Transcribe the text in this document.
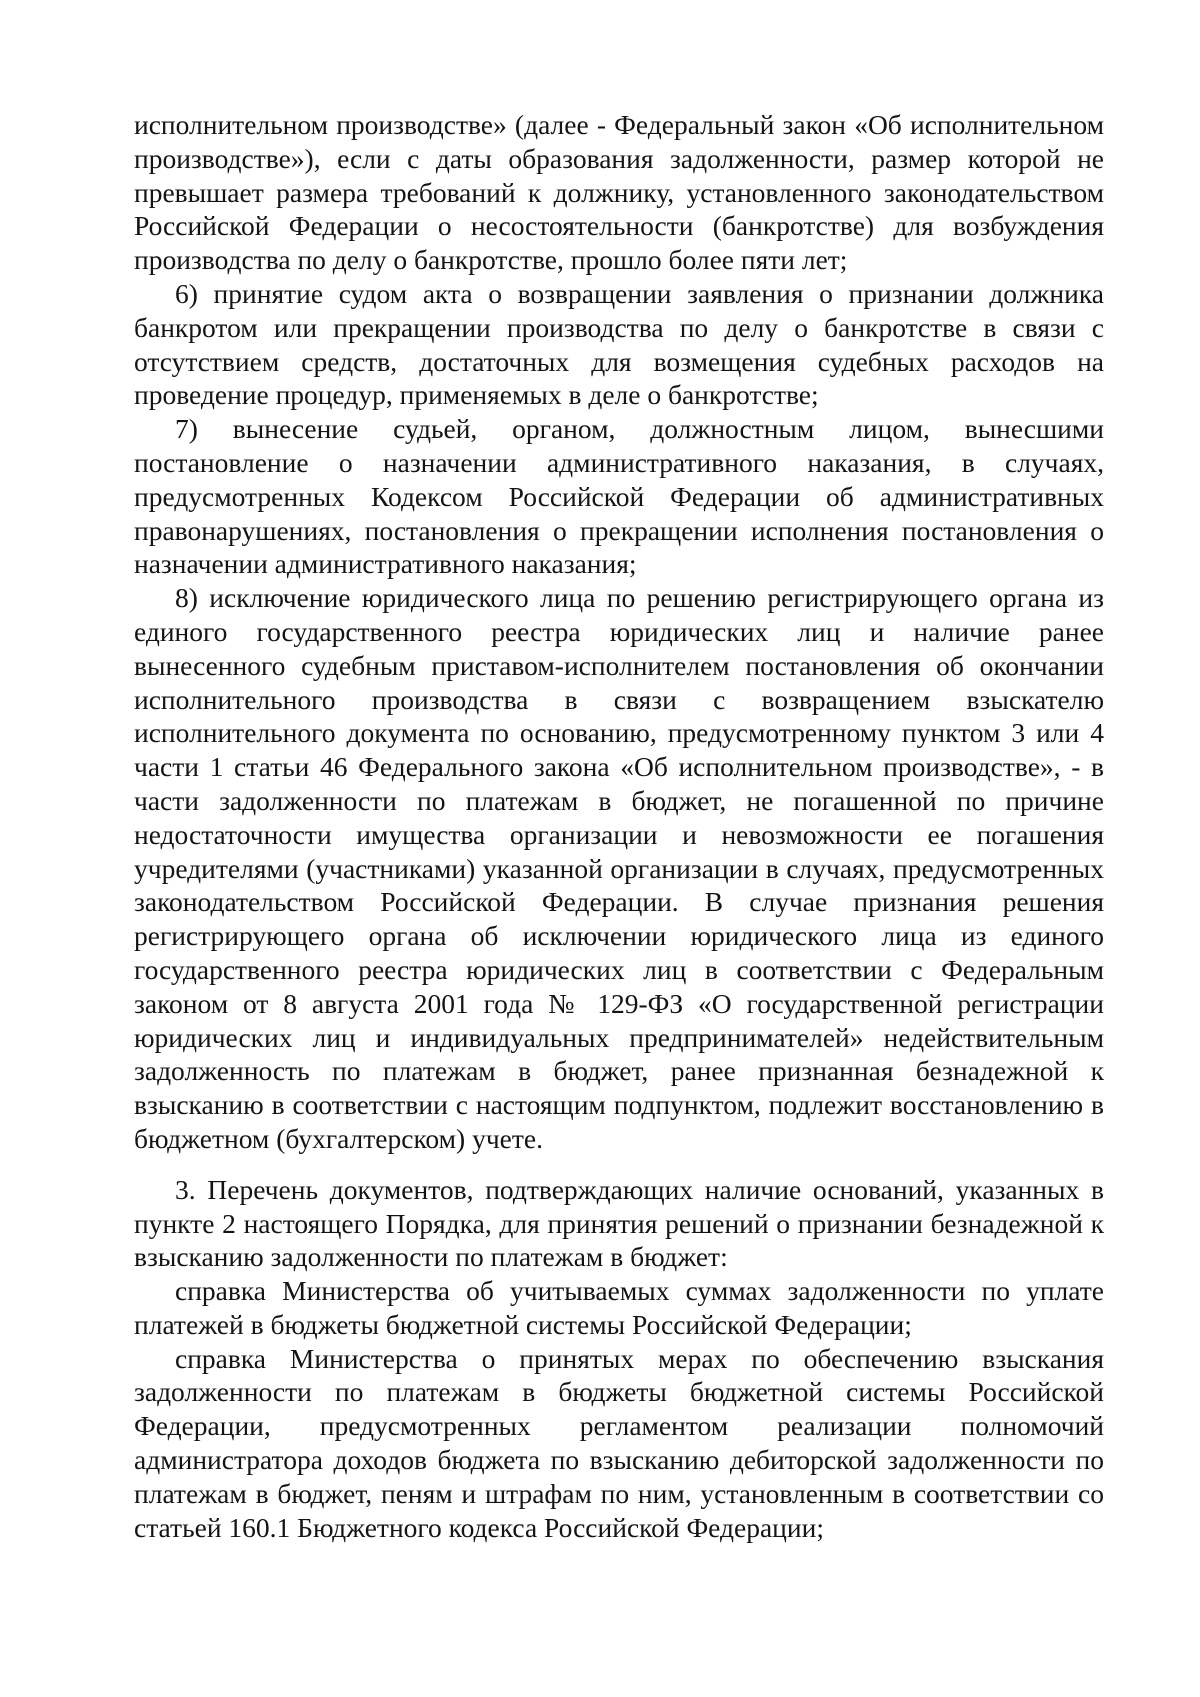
исполнительном производстве» (далее - Федеральный закон «Об исполнительном производстве»), если с даты образования задолженности, размер которой не превышает размера требований к должнику, установленного законодательством Российской Федерации о несостоятельности (банкротстве) для возбуждения производства по делу о банкротстве, прошло более пяти лет;

6) принятие судом акта о возвращении заявления о признании должника банкротом или прекращении производства по делу о банкротстве в связи с отсутствием средств, достаточных для возмещения судебных расходов на проведение процедур, применяемых в деле о банкротстве;

7) вынесение судьей, органом, должностным лицом, вынесшими постановление о назначении административного наказания, в случаях, предусмотренных Кодексом Российской Федерации об административных правонарушениях, постановления о прекращении исполнения постановления о назначении административного наказания;

8) исключение юридического лица по решению регистрирующего органа из единого государственного реестра юридических лиц и наличие ранее вынесенного судебным приставом-исполнителем постановления об окончании исполнительного производства в связи с возвращением взыскателю исполнительного документа по основанию, предусмотренному пунктом 3 или 4 части 1 статьи 46 Федерального закона «Об исполнительном производстве», - в части задолженности по платежам в бюджет, не погашенной по причине недостаточности имущества организации и невозможности ее погашения учредителями (участниками) указанной организации в случаях, предусмотренных законодательством Российской Федерации. В случае признания решения регистрирующего органа об исключении юридического лица из единого государственного реестра юридических лиц в соответствии с Федеральным законом от 8 августа 2001 года № 129-ФЗ «О государственной регистрации юридических лиц и индивидуальных предпринимателей» недействительным задолженность по платежам в бюджет, ранее признанная безнадежной к взысканию в соответствии с настоящим подпунктом, подлежит восстановлению в бюджетном (бухгалтерском) учете.

3. Перечень документов, подтверждающих наличие оснований, указанных в пункте 2 настоящего Порядка, для принятия решений о признании безнадежной к взысканию задолженности по платежам в бюджет:

справка Министерства об учитываемых суммах задолженности по уплате платежей в бюджеты бюджетной системы Российской Федерации;

справка Министерства о принятых мерах по обеспечению взыскания задолженности по платежам в бюджеты бюджетной системы Российской Федерации, предусмотренных регламентом реализации полномочий администратора доходов бюджета по взысканию дебиторской задолженности по платежам в бюджет, пеням и штрафам по ним, установленным в соответствии со статьей 160.1 Бюджетного кодекса Российской Федерации;
